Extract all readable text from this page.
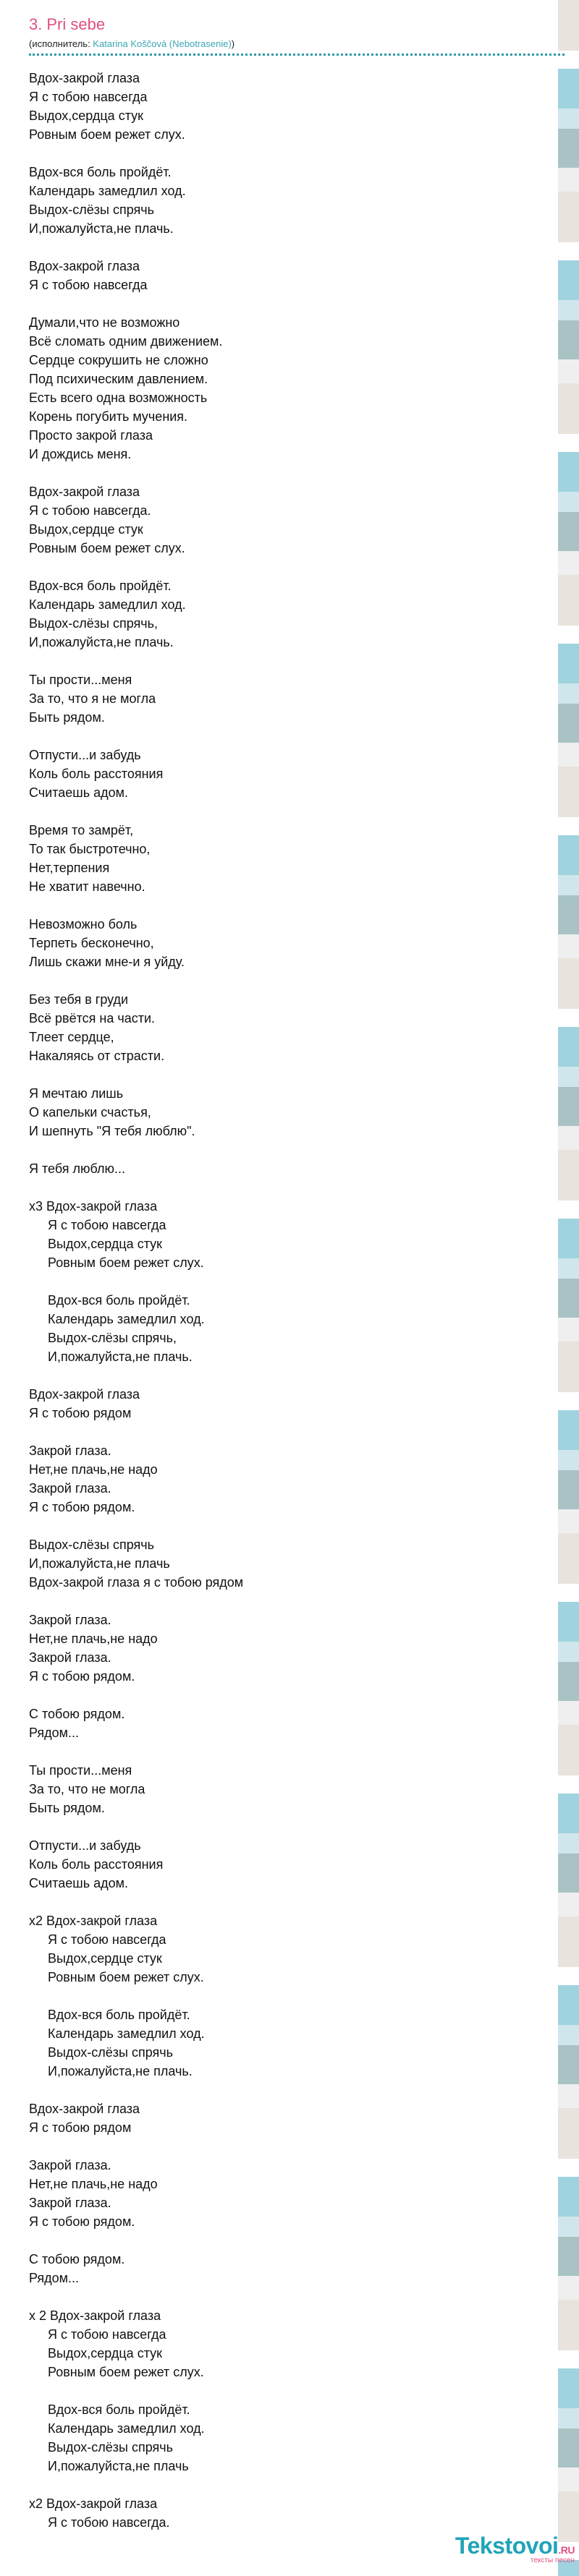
3. Pri sebe
(исполнитель: Katarina Koščová (Nebotrasenie))
Вдох-закрой глаза
Я с тобою навсегда
Выдох,сердца стук
Ровным боем режет слух.
Вдох-вся боль пройдёт.
Календарь замедлил ход.
Выдох-слёзы спрячь
И,пожалуйста,не плачь.
Вдох-закрой глаза
Я с тобою навсегда
Думали,что не возможно
Всё сломать одним движением.
Сердце сокрушить не сложно
Под психическим давлением.
Есть всего одна возможность
Корень погубить мучения.
Просто закрой глаза
И дождись меня.
Вдох-закрой глаза
Я с тобою навсегда.
Выдох,сердце стук
Ровным боем режет слух.
Вдох-вся боль пройдёт.
Календарь замедлил ход.
Выдох-слёзы спрячь,
И,пожалуйста,не плачь.
Ты прости...меня
За то, что я не могла
Быть рядом.
Отпусти...и забудь
Коль боль расстояния
Считаешь адом.
Время то замрёт,
То так быстротечно,
Нет,терпения
Не хватит навечно.
Невозможно боль
Терпеть бесконечно,
Лишь скажи мне-и я уйду.
Без тебя в груди
Всё рвётся на части.
Тлеет сердце,
Накаляясь от страсти.
Я мечтаю лишь
О капельки счастья,
И шепнуть "Я тебя люблю".
Я тебя люблю...
x3 Вдох-закрой глаза
Я с тобою навсегда
Выдох,сердца стук
Ровным боем режет слух.
Вдох-вся боль пройдёт.
Календарь замедлил ход.
Выдох-слёзы спрячь,
И,пожалуйста,не плачь.
Вдох-закрой глаза
Я с тобою рядом
Закрой глаза.
Нет,не плачь,не надо
Закрой глаза.
Я с тобою рядом.
Выдох-слёзы спрячь
И,пожалуйста,не плачь
Вдох-закрой глаза я с тобою рядом
Закрой глаза.
Нет,не плачь,не надо
Закрой глаза.
Я с тобою рядом.
С тобою рядом.
Рядом...
Ты прости...меня
За то, что не могла
Быть рядом.
Отпусти...и забудь
Коль боль расстояния
Считаешь адом.
x2 Вдох-закрой глаза
Я с тобою навсегда
Выдох,сердце стук
Ровным боем режет слух.
Вдох-вся боль пройдёт.
Календарь замедлил ход.
Выдох-слёзы спрячь
И,пожалуйста,не плачь.
Вдох-закрой глаза
Я с тобою рядом
Закрой глаза.
Нет,не плачь,не надо
Закрой глаза.
Я с тобою рядом.
С тобою рядом.
Рядом...
x 2 Вдох-закрой глаза
Я с тобою навсегда
Выдох,сердца стук
Ровным боем режет слух.
Вдох-вся боль пройдёт.
Календарь замедлил ход.
Выдох-слёзы спрячь
И,пожалуйста,не плачь
x2 Вдох-закрой глаза
Я с тобою навсегда.
Tekstovoi.RU
тексты песен
